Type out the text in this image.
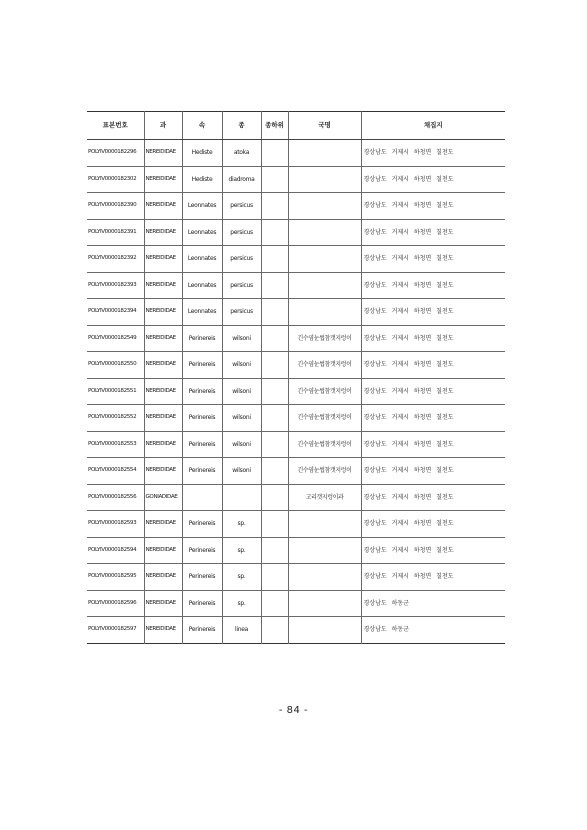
표본번호	과	속	종	종하위	국명	채집지
POLYIV0000182296	NEREIDIDAE	Hediste	atoka			경상남도 거제시 하청면 칠천도
POLYIV0000182302	NEREIDIDAE	Hediste	diadroma			경상남도 거제시 하청면 칠천도
POLYIV0000182390	NEREIDIDAE	Leonnates	persicus			경상남도 거제시 하청면 칠천도
POLYIV0000182391	NEREIDIDAE	Leonnates	persicus			경상남도 거제시 하청면 칠천도
POLYIV0000182392	NEREIDIDAE	Leonnates	persicus			경상남도 거제시 하청면 칠천도
POLYIV0000182393	NEREIDIDAE	Leonnates	persicus			경상남도 거제시 하청면 칠천도
POLYIV0000182394	NEREIDIDAE	Leonnates	persicus			경상남도 거제시 하청면 칠천도
POLYIV0000182549	NEREIDIDAE	Perinereis	wilsoni		긴수염눈썹참갯지렁이	경상남도 거제시 하청면 칠천도
POLYIV0000182550	NEREIDIDAE	Perinereis	wilsoni		긴수염눈썹참갯지렁이	경상남도 거제시 하청면 칠천도
POLYIV0000182551	NEREIDIDAE	Perinereis	wilsoni		긴수염눈썹참갯지렁이	경상남도 거제시 하청면 칠천도
POLYIV0000182552	NEREIDIDAE	Perinereis	wilsoni		긴수염눈썹참갯지렁이	경상남도 거제시 하청면 칠천도
POLYIV0000182553	NEREIDIDAE	Perinereis	wilsoni		긴수염눈썹참갯지렁이	경상남도 거제시 하청면 칠천도
POLYIV0000182554	NEREIDIDAE	Perinereis	wilsoni		긴수염눈썹참갯지렁이	경상남도 거제시 하청면 칠천도
POLYIV0000182556	GONIADIDAE				고리갯지렁이과	경상남도 거제시 하청면 칠천도
POLYIV0000182593	NEREIDIDAE	Perinereis	sp.			경상남도 거제시 하청면 칠천도
POLYIV0000182594	NEREIDIDAE	Perinereis	sp.			경상남도 거제시 하청면 칠천도
POLYIV0000182595	NEREIDIDAE	Perinereis	sp.			경상남도 거제시 하청면 칠천도
POLYIV0000182596	NEREIDIDAE	Perinereis	sp.			경상남도 하동군
POLYIV0000182597	NEREIDIDAE	Perinereis	linea			경상남도 하동군
- 84 -
